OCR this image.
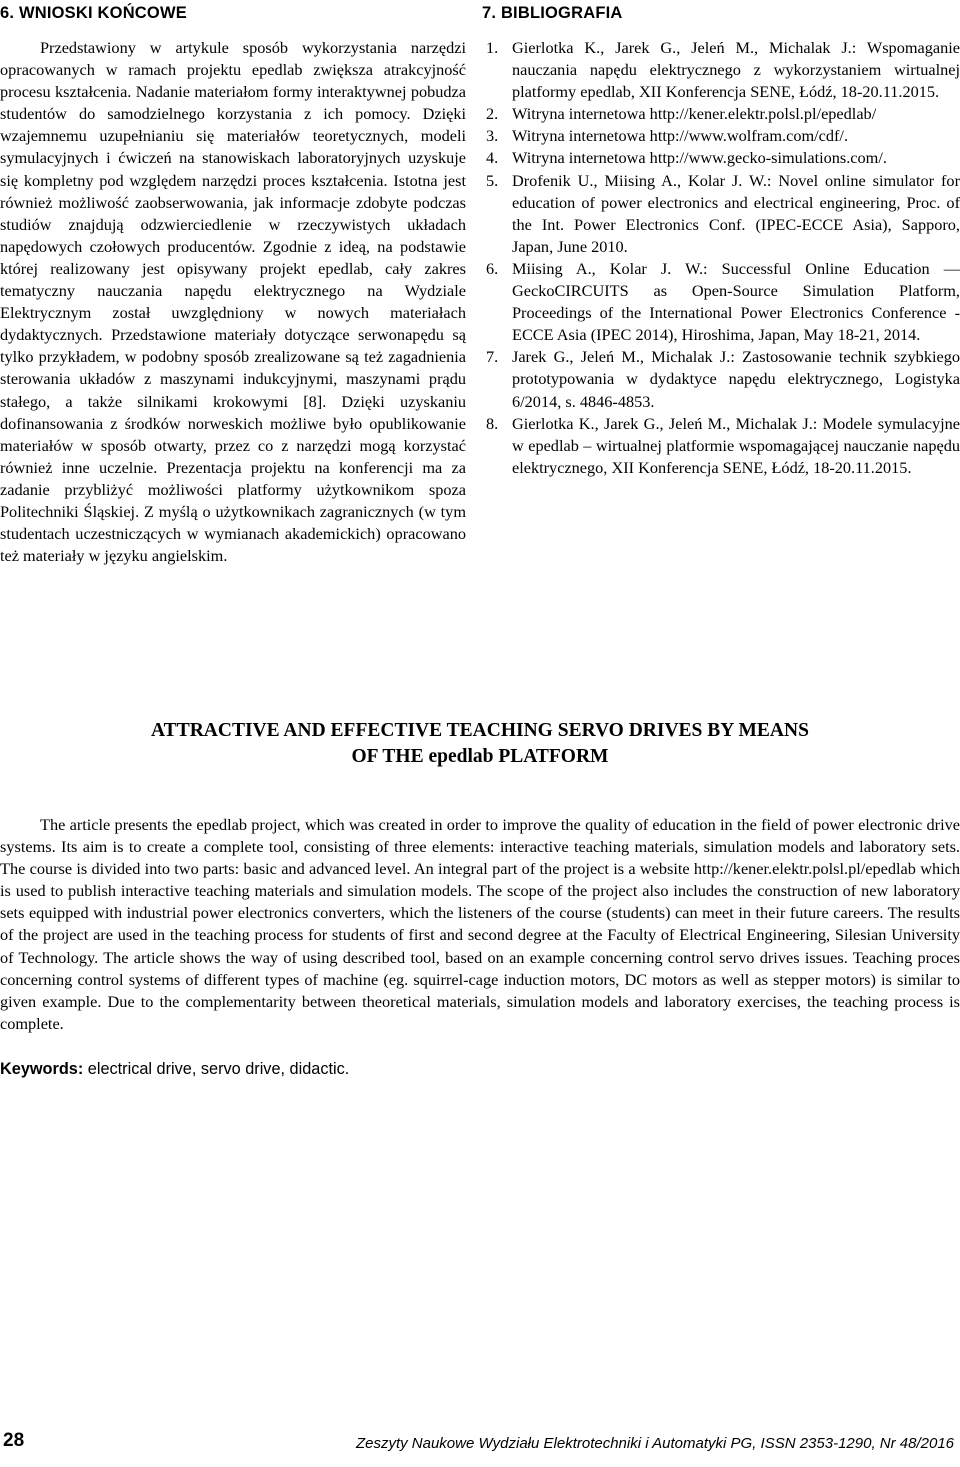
6. WNIOSKI KOŃCOWE

Przedstawiony w artykule sposób wykorzystania narzędzi opracowanych w ramach projektu epedlab zwiększa atrakcyjność procesu kształcenia. Nadanie materiałom formy interaktywnej pobudza studentów do samodzielnego korzystania z ich pomocy. Dzięki wzajemnemu uzupełnianiu się materiałów teoretycznych, modeli symulacyjnych i ćwiczeń na stanowiskach laboratoryjnych uzyskuje się kompletny pod względem narzędzi proces kształcenia. Istotna jest również możliwość zaobserwowania, jak informacje zdobyte podczas studiów znajdują odzwierciedlenie w rzeczywistych układach napędowych czołowych producentów. Zgodnie z ideą, na podstawie której realizowany jest opisywany projekt epedlab, cały zakres tematyczny nauczania napędu elektrycznego na Wydziale Elektrycznym został uwzględniony w nowych materiałach dydaktycznych. Przedstawione materiały dotyczące serwonapędu są tylko przykładem, w podobny sposób zrealizowane są też zagadnienia sterowania układów z maszynami indukcyjnymi, maszynami prądu stałego, a także silnikami krokowymi [8]. Dzięki uzyskaniu dofinansowania z środków norweskich możliwe było opublikowanie materiałów w sposób otwarty, przez co z narzędzi mogą korzystać również inne uczelnie. Prezentacja projektu na konferencji ma za zadanie przybliżyć możliwości platformy użytkownikom spoza Politechniki Śląskiej. Z myślą o użytkownikach zagranicznych (w tym studentach uczestniczących w wymianach akademickich) opracowano też materiały w języku angielskim.

7. BIBLIOGRAFIA
1. Gierlotka K., Jarek G., Jeleń M., Michalak J.: Wspomaganie nauczania napędu elektrycznego z wykorzystaniem wirtualnej platformy epedlab, XII Konferencja SENE, Łódź, 18-20.11.2015.
2. Witryna internetowa http://kener.elektr.polsl.pl/epedlab/
3. Witryna internetowa http://www.wolfram.com/cdf/.
4. Witryna internetowa http://www.gecko-simulations.com/.
5. Drofenik U., Miising A., Kolar J. W.: Novel online simulator for education of power electronics and electrical engineering, Proc. of the Int. Power Electronics Conf. (IPEC-ECCE Asia), Sapporo, Japan, June 2010.
6. Miising A., Kolar J. W.: Successful Online Education — GeckoCIRCUITS as Open-Source Simulation Platform, Proceedings of the International Power Electronics Conference - ECCE Asia (IPEC 2014), Hiroshima, Japan, May 18-21, 2014.
7. Jarek G., Jeleń M., Michalak J.: Zastosowanie technik szybkiego prototypowania w dydaktyce napędu elektrycznego, Logistyka 6/2014, s. 4846-4853.
8. Gierlotka K., Jarek G., Jeleń M., Michalak J.: Modele symulacyjne w epedlab – wirtualnej platformie wspomagającej nauczanie napędu elektrycznego, XII Konferencja SENE, Łódź, 18-20.11.2015.
ATTRACTIVE AND EFFECTIVE TEACHING SERVO DRIVES BY MEANS
OF THE epedlab PLATFORM

The article presents the epedlab project, which was created in order to improve the quality of education in the field of power electronic drive systems. Its aim is to create a complete tool, consisting of three elements: interactive teaching materials, simulation models and laboratory sets. The course is divided into two parts: basic and advanced level. An integral part of the project is a website http://kener.elektr.polsl.pl/epedlab which is used to publish interactive teaching materials and simulation models. The scope of the project also includes the construction of new laboratory sets equipped with industrial power electronics converters, which the listeners of the course (students) can meet in their future careers. The results of the project are used in the teaching process for students of first and second degree at the Faculty of Electrical Engineering, Silesian University of Technology. The article shows the way of using described tool, based on an example concerning control servo drives issues. Teaching proces concerning control systems of different types of machine (eg. squirrel-cage induction motors, DC motors as well as stepper motors) is similar to given example. Due to the complementarity between theoretical materials, simulation models and laboratory exercises, the teaching process is complete.

Keywords: electrical drive, servo drive, didactic.

28	Zeszyty Naukowe Wydziału Elektrotechniki i Automatyki PG, ISSN 2353-1290, Nr 48/2016
